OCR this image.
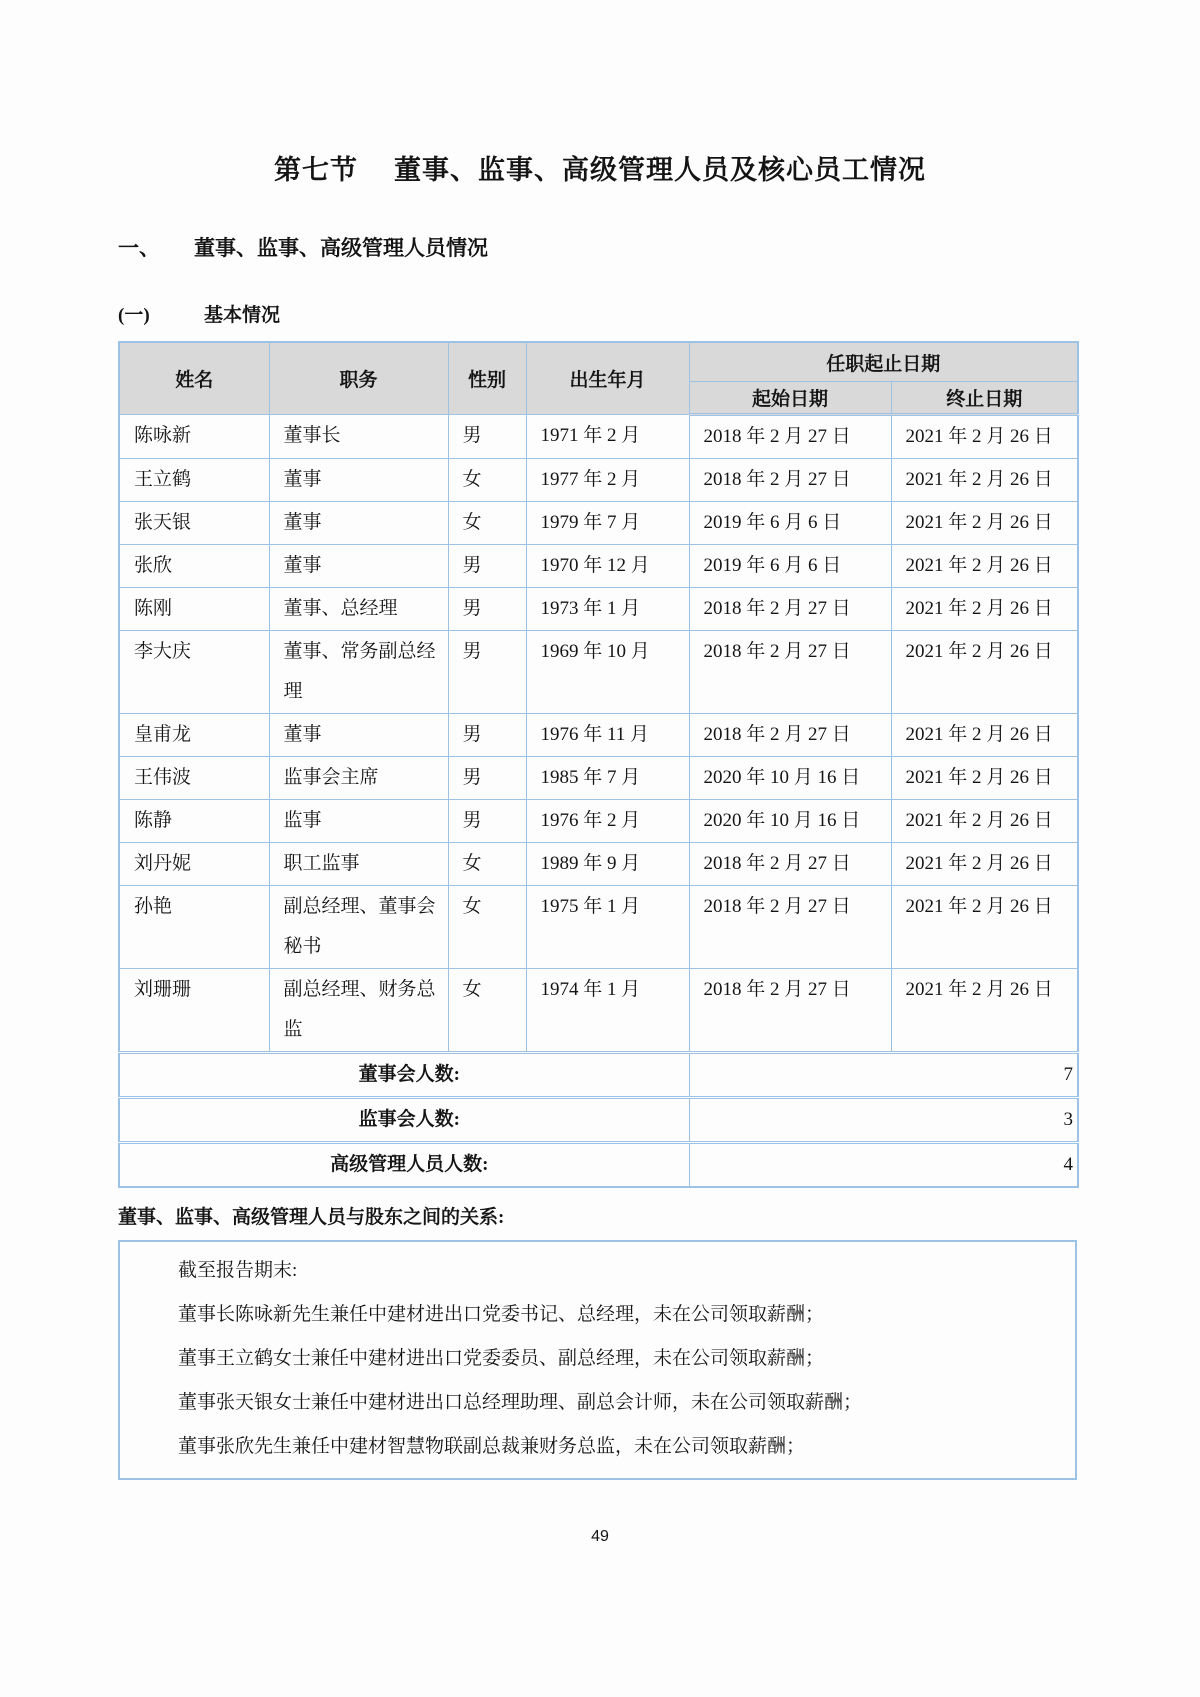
第七节 董事、监事、高级管理人员及核心员工情况
一、 董事、监事、高级管理人员情况
(一)	基本情况
姓名	职务	性别	出生年月	任职起止日期	
				起始日期	终止日期
陈咏新	董事长	男	1971 年 2 月	2018 年 2 月 27 日	2021 年 2 月 26 日
王立鹤	董事	女	1977 年 2 月	2018 年 2 月 27 日	2021 年 2 月 26 日
张天银	董事	女	1979 年 7 月	2019 年 6 月 6 日	2021 年 2 月 26 日
张欣	董事	男	1970 年 12 月	2019 年 6 月 6 日	2021 年 2 月 26 日
陈刚	董事、总经理	男	1973 年 1 月	2018 年 2 月 27 日	2021 年 2 月 26 日
李大庆	董事、常务副总经理	男	1969 年 10 月	2018 年 2 月 27 日	2021 年 2 月 26 日
皇甫龙	董事	男	1976 年 11 月	2018 年 2 月 27 日	2021 年 2 月 26 日
王伟波	监事会主席	男	1985 年 7 月	2020 年 10 月 16 日	2021 年 2 月 26 日
陈静	监事	男	1976 年 2 月	2020 年 10 月 16 日	2021 年 2 月 26 日
刘丹妮	职工监事	女	1989 年 9 月	2018 年 2 月 27 日	2021 年 2 月 26 日
孙艳	副总经理、董事会秘书	女	1975 年 1 月	2018 年 2 月 27 日	2021 年 2 月 26 日
刘珊珊	副总经理、财务总监	女	1974 年 1 月	2018 年 2 月 27 日	2021 年 2 月 26 日
董事会人数:				7	
监事会人数:				3	
高级管理人员人数:				4	
董事、监事、高级管理人员与股东之间的关系:

截至报告期末:

董事长陈咏新先生兼任中建材进出口党委书记、总经理，未在公司领取薪酬；

董事王立鹤女士兼任中建材进出口党委委员、副总经理，未在公司领取薪酬；

董事张天银女士兼任中建材进出口总经理助理、副总会计师，未在公司领取薪酬；

董事张欣先生兼任中建材智慧物联副总裁兼财务总监，未在公司领取薪酬；

49
